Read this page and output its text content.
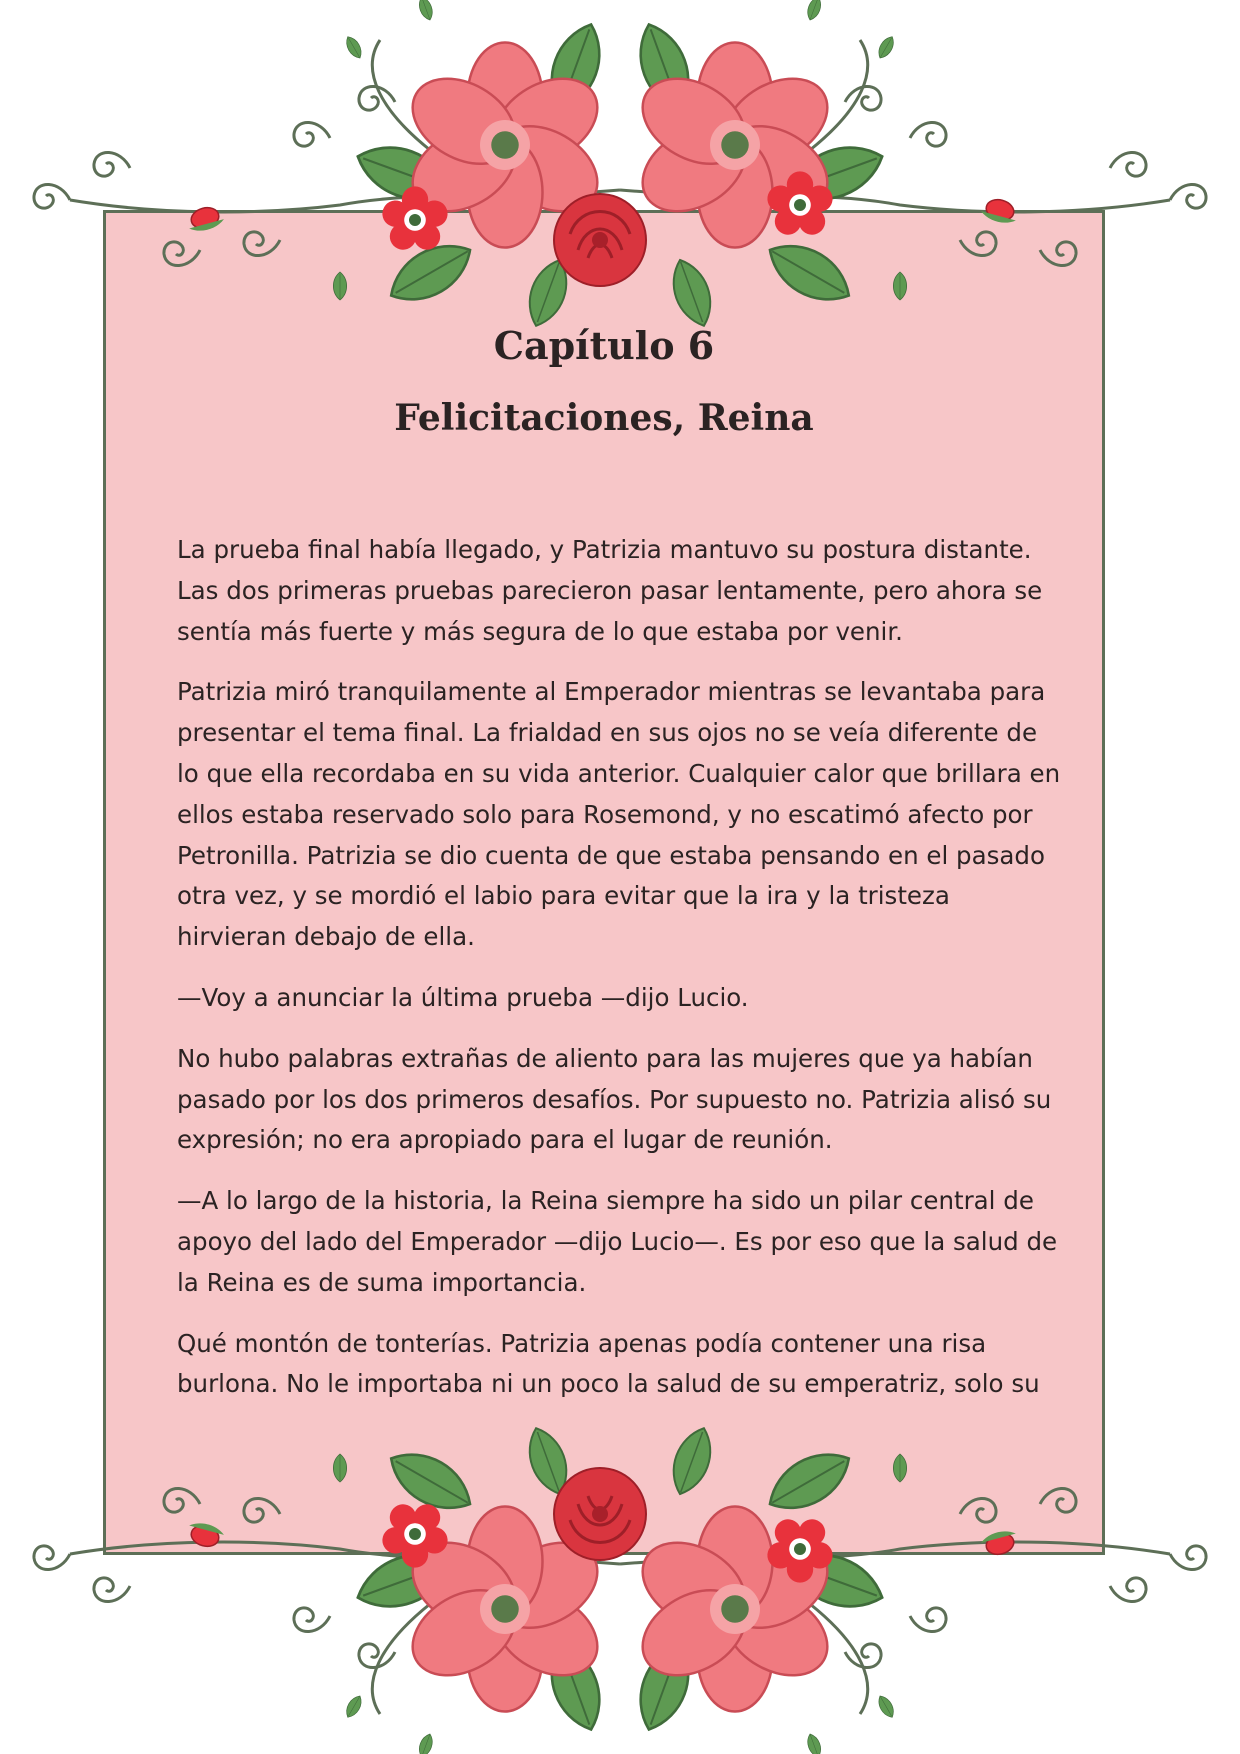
Capítulo 6
Felicitaciones, Reina

La prueba final había llegado, y Patrizia mantuvo su postura distante. Las dos primeras pruebas parecieron pasar lentamente, pero ahora se sentía más fuerte y más segura de lo que estaba por venir.

Patrizia miró tranquilamente al Emperador mientras se levantaba para presentar el tema final. La frialdad en sus ojos no se veía diferente de lo que ella recordaba en su vida anterior. Cualquier calor que brillara en ellos estaba reservado solo para Rosemond, y no escatimó afecto por Petronilla. Patrizia se dio cuenta de que estaba pensando en el pasado otra vez, y se mordió el labio para evitar que la ira y la tristeza hirvieran debajo de ella.

—Voy a anunciar la última prueba —dijo Lucio.

No hubo palabras extrañas de aliento para las mujeres que ya habían pasado por los dos primeros desafíos. Por supuesto no. Patrizia alisó su expresión; no era apropiado para el lugar de reunión.

—A lo largo de la historia, la Reina siempre ha sido un pilar central de apoyo del lado del Emperador —dijo Lucio—. Es por eso que la salud de la Reina es de suma importancia.

Qué montón de tonterías. Patrizia apenas podía contener una risa burlona. No le importaba ni un poco la salud de su emperatriz, solo su
